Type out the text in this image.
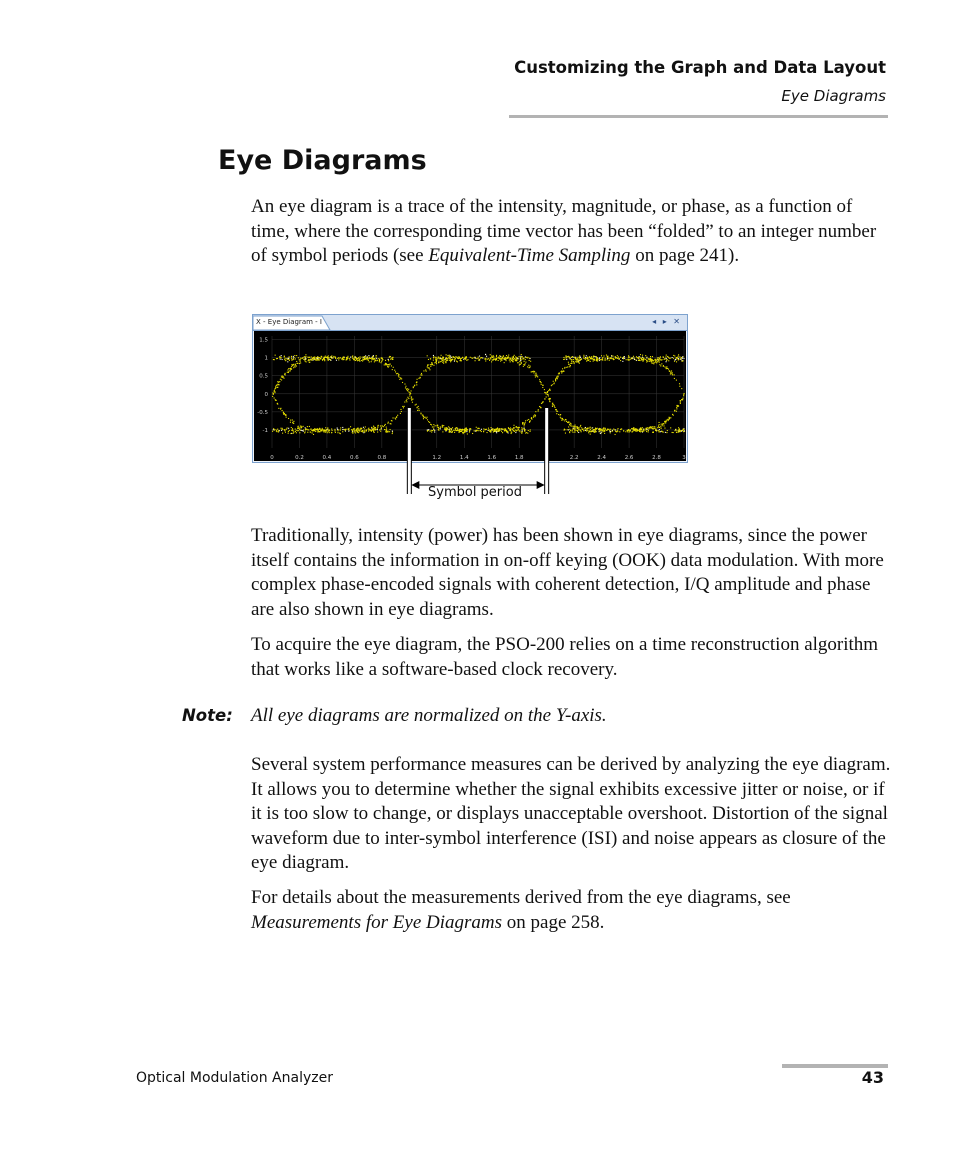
Customizing the Graph and Data Layout
Eye Diagrams
Eye Diagrams

An eye diagram is a trace of the intensity, magnitude, or phase, as a function of time, where the corresponding time vector has been “folded” to an integer number of symbol periods (see Equivalent-Time Sampling on page 241).

0	0.2	0.4	0.6	0.8	1.2	1.4	1.6	1.8	2.2	2.4	2.6	2.8	3
1.5
1
0.5
0
-0.5
-1
X - Eye Diagram - I	◂ ▸ ✕
Symbol period

Traditionally, intensity (power) has been shown in eye diagrams, since the power itself contains the information in on-off keying (OOK) data modulation. With more complex phase-encoded signals with coherent detection, I/Q amplitude and phase are also shown in eye diagrams.

To acquire the eye diagram, the PSO-200 relies on a time reconstruction algorithm that works like a software-based clock recovery.

Note: All eye diagrams are normalized on the Y-axis.

Several system performance measures can be derived by analyzing the eye diagram. It allows you to determine whether the signal exhibits excessive jitter or noise, or if it is too slow to change, or displays unacceptable overshoot. Distortion of the signal waveform due to inter-symbol interference (ISI) and noise appears as closure of the eye diagram.

For details about the measurements derived from the eye diagrams, see Measurements for Eye Diagrams on page 258.

Optical Modulation Analyzer	43
